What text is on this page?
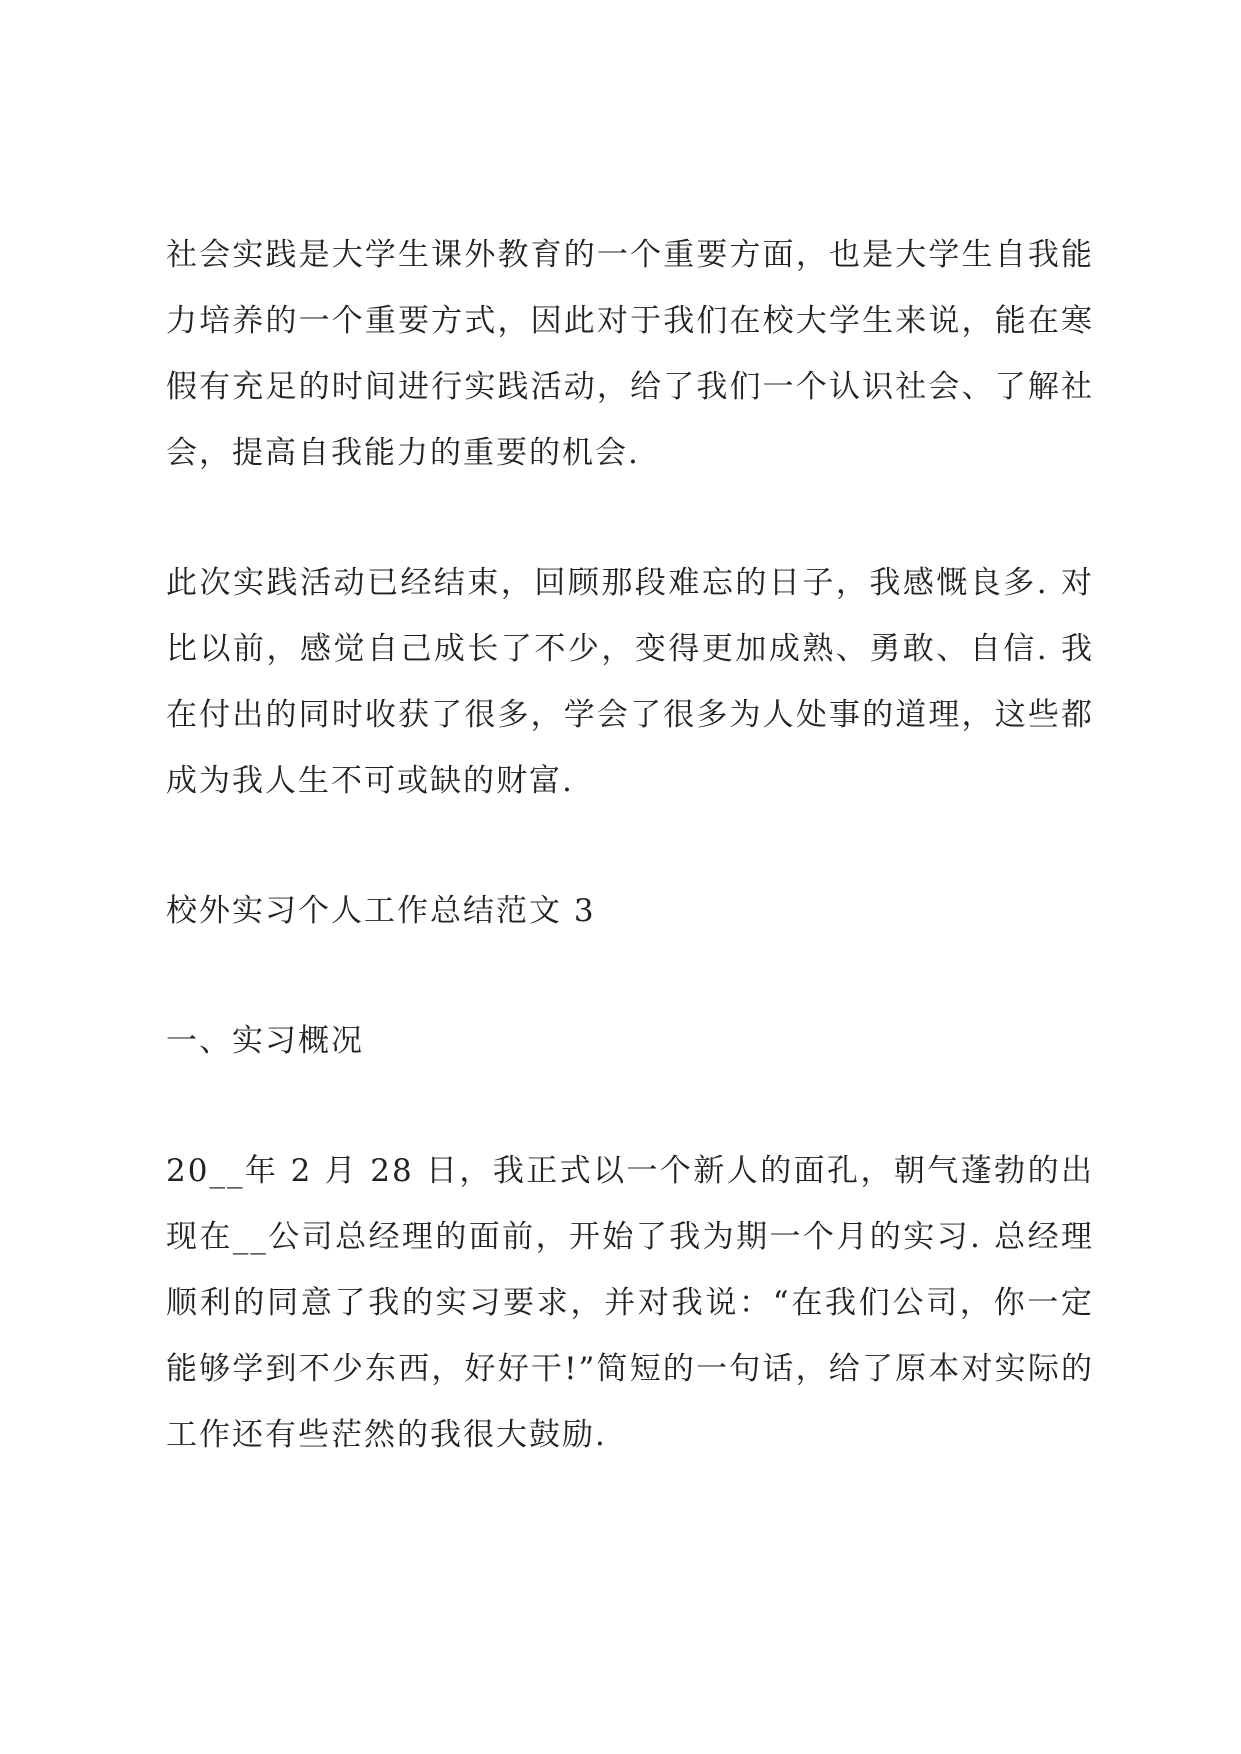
社会实践是大学生课外教育的一个重要方面，也是大学生自我能力培养的一个重要方式，因此对于我们在校大学生来说，能在寒假有充足的时间进行实践活动，给了我们一个认识社会、了解社会，提高自我能力的重要的机会.

此次实践活动已经结束，回顾那段难忘的日子，我感慨良多. 对比以前，感觉自己成长了不少，变得更加成熟、勇敢、自信. 我在付出的同时收获了很多，学会了很多为人处事的道理，这些都成为我人生不可或缺的财富.

校外实习个人工作总结范文 3

一、实习概况

20__年 2 月 28 日，我正式以一个新人的面孔，朝气蓬勃的出现在__公司总经理的面前，开始了我为期一个月的实习. 总经理顺利的同意了我的实习要求，并对我说：“在我们公司，你一定能够学到不少东西，好好干!”简短的一句话，给了原本对实际的工作还有些茫然的我很大鼓励.
